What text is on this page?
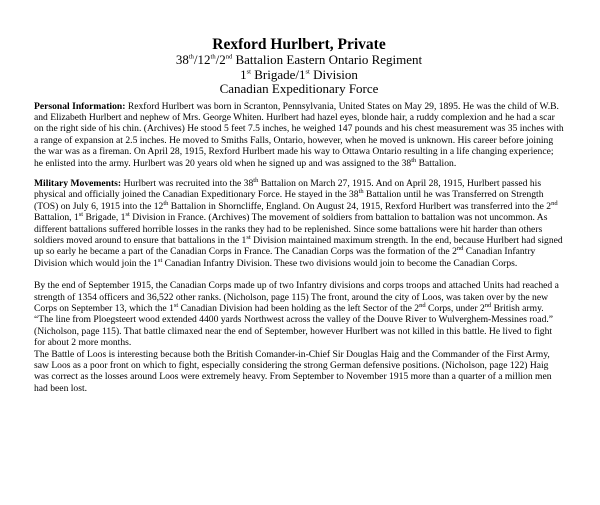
Rexford Hurlbert, Private

38th/12th/2nd Battalion Eastern Ontario Regiment

1st Brigade/1st Division

Canadian Expeditionary Force

Personal Information: Rexford Hurlbert was born in Scranton, Pennsylvania, United States on May 29, 1895. He was the child of W.B. and Elizabeth Hurlbert and nephew of Mrs. George Whiten. Hurlbert had hazel eyes, blonde hair, a ruddy complexion and he had a scar on the right side of his chin. (Archives) He stood 5 feet 7.5 inches, he weighed 147 pounds and his chest measurement was 35 inches with a range of expansion at 2.5 inches. He moved to Smiths Falls, Ontario, however, when he moved is unknown. His career before joining the war was as a fireman. On April 28, 1915, Rexford Hurlbert made his way to Ottawa Ontario resulting in a life changing experience; he enlisted into the army. Hurlbert was 20 years old when he signed up and was assigned to the 38th Battalion.

Military Movements: Hurlbert was recruited into the 38th Battalion on March 27, 1915. And on April 28, 1915, Hurlbert passed his physical and officially joined the Canadian Expeditionary Force. He stayed in the 38th Battalion until he was Transferred on Strength (TOS) on July 6, 1915 into the 12th Battalion in Shorncliffe, England. On August 24, 1915, Rexford Hurlbert was transferred into the 2nd Battalion, 1st Brigade, 1st Division in France. (Archives) The movement of soldiers from battalion to battalion was not uncommon. As different battalions suffered horrible losses in the ranks they had to be replenished. Since some battalions were hit harder than others soldiers moved around to ensure that battalions in the 1st Division maintained maximum strength. In the end, because Hurlbert had signed up so early he became a part of the Canadian Corps in France. The Canadian Corps was the formation of the 2nd Canadian Infantry Division which would join the 1st Canadian Infantry Division. These two divisions would join to become the Canadian Corps.

By the end of September 1915, the Canadian Corps made up of two Infantry divisions and corps troops and attached Units had reached a strength of 1354 officers and 36,522 other ranks. (Nicholson, page 115) The front, around the city of Loos, was taken over by the new Corps on September 13, which the 1st Canadian Division had been holding as the left Sector of the 2nd Corps, under 2nd British army. “The line from Ploegsteert wood extended 4400 yards Northwest across the valley of the Douve River to Wulverghem-Messines road.” (Nicholson, page 115). That battle climaxed near the end of September, however Hurlbert was not killed in this battle. He lived to fight for about 2 more months.

The Battle of Loos is interesting because both the British Comander-in-Chief Sir Douglas Haig and the Commander of the First Army, saw Loos as a poor front on which to fight, especially considering the strong German defensive positions. (Nicholson, page 122) Haig was correct as the losses around Loos were extremely heavy. From September to November 1915 more than a quarter of a million men had been lost.
